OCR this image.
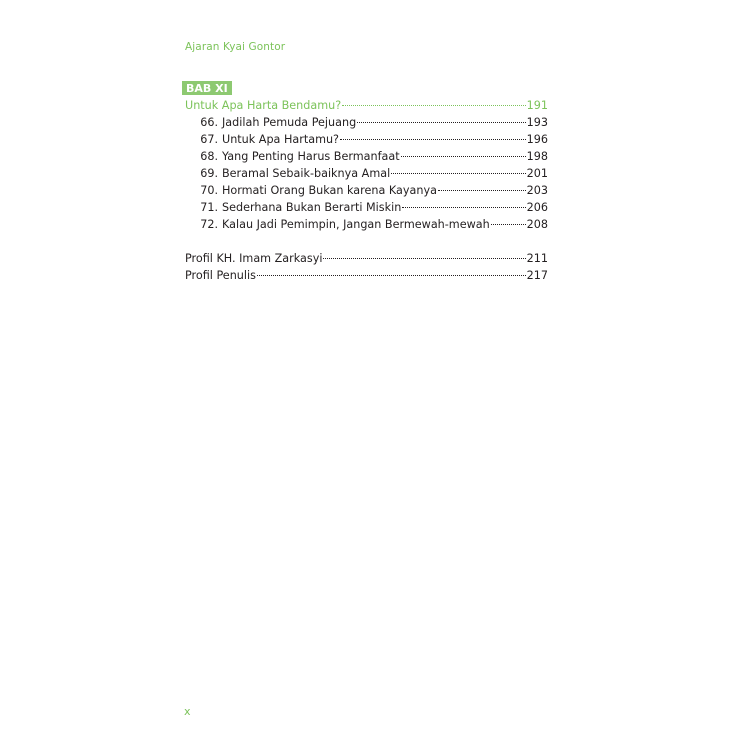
Ajaran Kyai Gontor
BAB XI
Untuk Apa Harta Bendamu?	191
66. Jadilah Pemuda Pejuang	193
67. Untuk Apa Hartamu?	196
68. Yang Penting Harus Bermanfaat	198
69. Beramal Sebaik-baiknya Amal	201
70. Hormati Orang Bukan karena Kayanya	203
71. Sederhana Bukan Berarti Miskin	206
72. Kalau Jadi Pemimpin, Jangan Bermewah-mewah	208
Profil KH. Imam Zarkasyi	211
Profil Penulis	217
x
